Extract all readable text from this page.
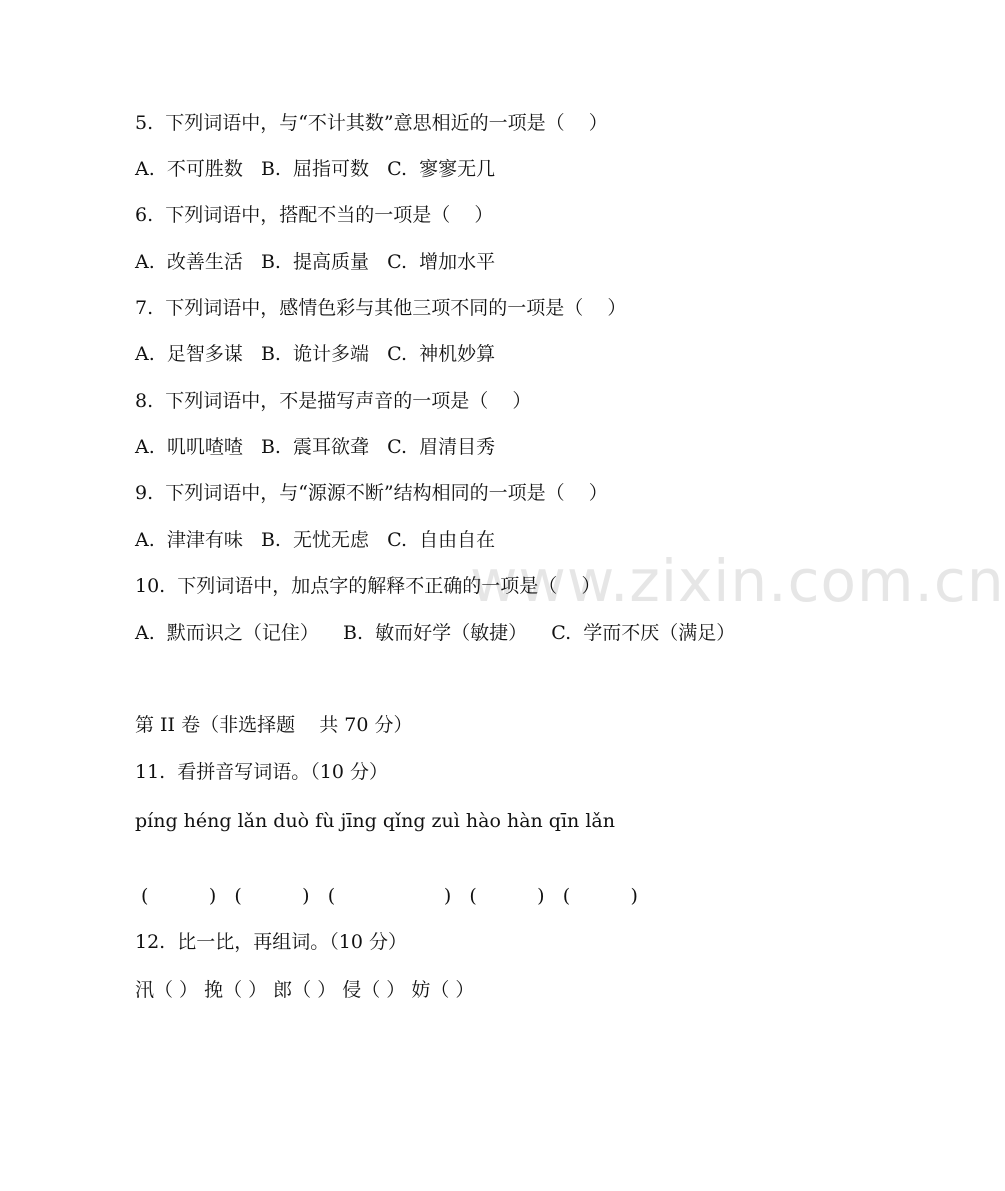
www.zixin.com.cn
5.  下列词语中，与“不计其数”意思相近的一项是（    ）
A.  不可胜数   B.  屈指可数   C.  寥寥无几
6.  下列词语中，搭配不当的一项是（    ）
A.  改善生活   B.  提高质量   C.  增加水平
7.  下列词语中，感情色彩与其他三项不同的一项是（    ）
A.  足智多谋   B.  诡计多端   C.  神机妙算
8.  下列词语中，不是描写声音的一项是（    ）
A.  叽叽喳喳   B.  震耳欲聋   C.  眉清目秀
9.  下列词语中，与“源源不断”结构相同的一项是（    ）
A.  津津有味   B.  无忧无虑   C.  自由自在
10.  下列词语中，加点字的解释不正确的一项是（    ）
A.  默而识之（记住）    B.  敏而好学（敏捷）    C.  学而不厌（满足）
第 II 卷（非选择题    共 70 分）
11.  看拼音写词语。（10 分）
píng héng lǎn duò fù jīng qǐng zuì hào hàn qīn lǎn
(          )   (          )   (                  )   (          )   (          )
12.  比一比，再组词。（10 分）
汛（ ） 挽（ ） 郎（ ） 侵（ ） 妨（ ）
